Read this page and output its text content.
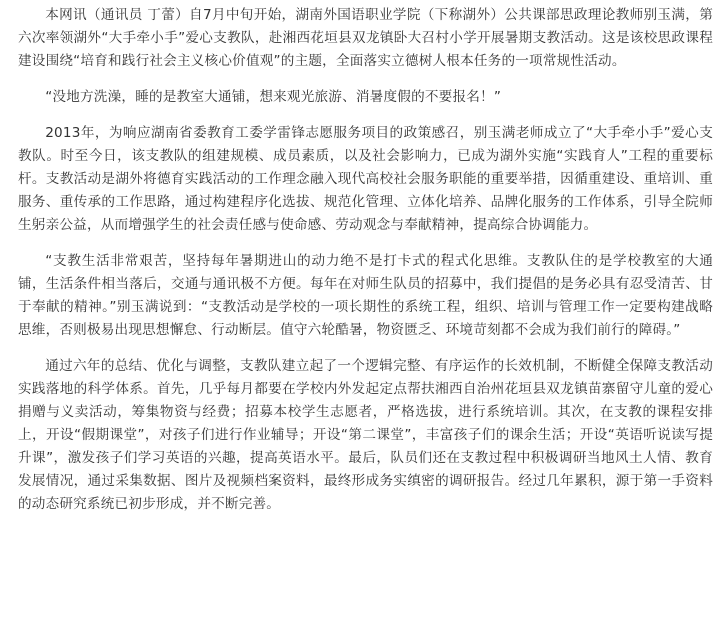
本网讯（通讯员 丁蕾）自7月中旬开始，湖南外国语职业学院（下称湖外）公共课部思政理论教师别玉满，第六次率领湖外“大手牵小手”爱心支教队，赴湘西花垣县双龙镇卧大召村小学开展暑期支教活动。这是该校思政课程建设围绕“培育和践行社会主义核心价值观”的主题，全面落实立德树人根本任务的一项常规性活动。

“没地方洗澡，睡的是教室大通铺，想来观光旅游、消暑度假的不要报名！”

2013年，为响应湖南省委教育工委学雷锋志愿服务项目的政策感召，别玉满老师成立了“大手牵小手”爱心支教队。时至今日，该支教队的组建规模、成员素质，以及社会影响力，已成为湖外实施“实践育人”工程的重要标杆。支教活动是湖外将德育实践活动的工作理念融入现代高校社会服务职能的重要举措，因循重建设、重培训、重服务、重传承的工作思路，通过构建程序化选拔、规范化管理、立体化培养、品牌化服务的工作体系，引导全院师生躬亲公益，从而增强学生的社会责任感与使命感、劳动观念与奉献精神，提高综合协调能力。

“支教生活非常艰苦，坚持每年暑期进山的动力绝不是打卡式的程式化思维。支教队住的是学校教室的大通铺，生活条件相当落后，交通与通讯极不方便。每年在对师生队员的招募中，我们提倡的是务必具有忍受清苦、甘于奉献的精神。”别玉满说到：“支教活动是学校的一项长期性的系统工程，组织、培训与管理工作一定要构建战略思维，否则极易出现思想懈怠、行动断层。值守六轮酷暑，物资匮乏、环境苛刻都不会成为我们前行的障碍。”

通过六年的总结、优化与调整，支教队建立起了一个逻辑完整、有序运作的长效机制，不断健全保障支教活动实践落地的科学体系。首先，几乎每月都要在学校内外发起定点帮扶湘西自治州花垣县双龙镇苗寨留守儿童的爱心捐赠与义卖活动，筹集物资与经费；招募本校学生志愿者，严格选拔，进行系统培训。其次，在支教的课程安排上，开设“假期课堂”，对孩子们进行作业辅导；开设“第二课堂”，丰富孩子们的课余生活；开设“英语听说读写提升课”，激发孩子们学习英语的兴趣，提高英语水平。最后，队员们还在支教过程中积极调研当地风土人情、教育发展情况，通过采集数据、图片及视频档案资料，最终形成务实缜密的调研报告。经过几年累积，源于第一手资料的动态研究系统已初步形成，并不断完善。
